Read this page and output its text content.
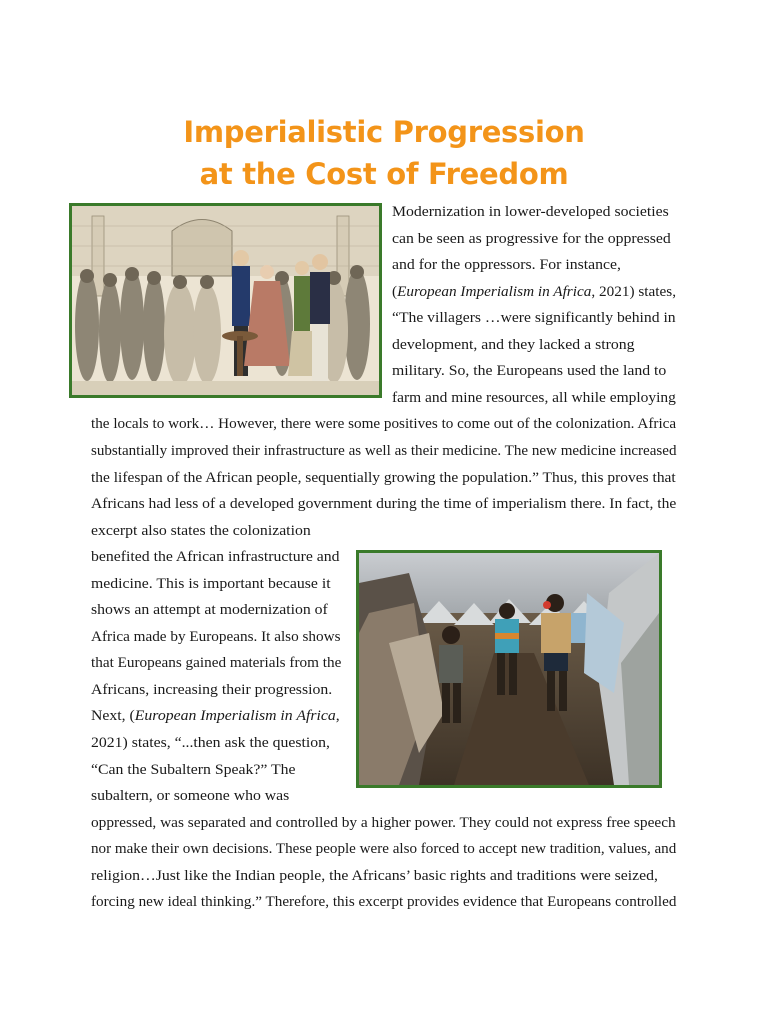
Imperialistic Progression
at the Cost of Freedom
Modernization in lower-developed societies
can be seen as progressive for the oppressed
and for the oppressors. For instance,
(European Imperialism in Africa, 2021) states,
“The villagers …were significantly behind in
development, and they lacked a strong
military. So, the Europeans used the land to
farm and mine resources, all while employing
the locals to work… However, there were some positives to come out of the colonization. Africa
substantially improved their infrastructure as well as their medicine. The new medicine increased
the lifespan of the African people, sequentially growing the population.” Thus, this proves that
Africans had less of a developed government during the time of imperialism there. In fact, the
excerpt also states the colonization
benefited the African infrastructure and
medicine. This is important because it
shows an attempt at modernization of
Africa made by Europeans. It also shows
that Europeans gained materials from the
Africans, increasing their progression.
Next, (European Imperialism in Africa,
2021) states, “...then ask the question,
“Can the Subaltern Speak?” The
subaltern, or someone who was
oppressed, was separated and controlled by a higher power. They could not express free speech
nor make their own decisions. These people were also forced to accept new tradition, values, and
religion…Just like the Indian people, the Africans’ basic rights and traditions were seized,
forcing new ideal thinking.” Therefore, this excerpt provides evidence that Europeans controlled
